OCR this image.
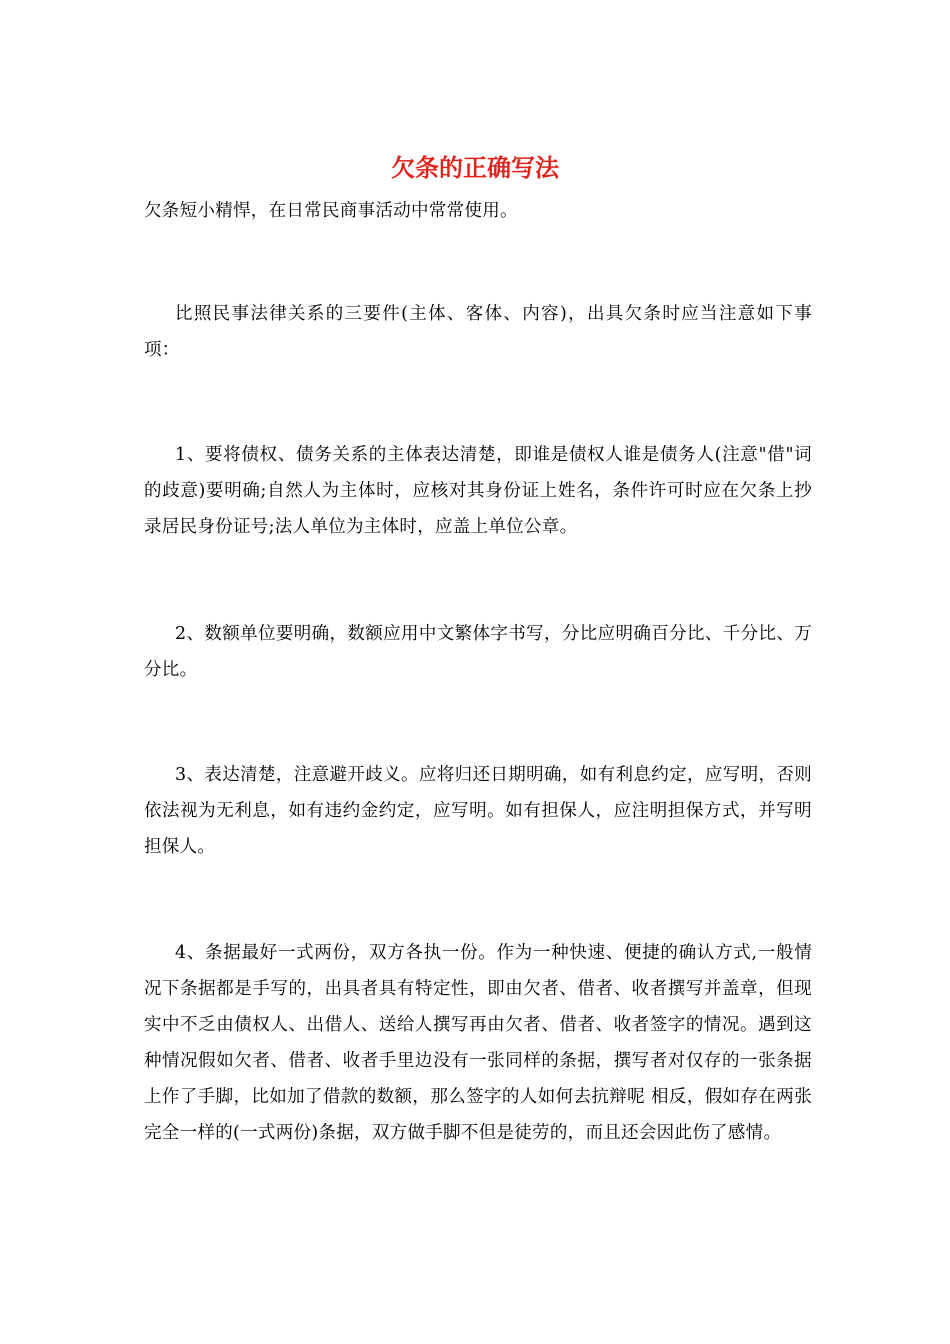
欠条的正确写法
欠条短小精悍，在日常民商事活动中常常使用。
比照民事法律关系的三要件(主体、客体、内容)，出具欠条时应当注意如下事项：
1、要将债权、债务关系的主体表达清楚，即谁是债权人谁是债务人(注意"借"词的歧意)要明确;自然人为主体时，应核对其身份证上姓名，条件许可时应在欠条上抄录居民身份证号;法人单位为主体时，应盖上单位公章。
2、数额单位要明确，数额应用中文繁体字书写，分比应明确百分比、千分比、万分比。
3、表达清楚，注意避开歧义。应将归还日期明确，如有利息约定，应写明，否则依法视为无利息，如有违约金约定，应写明。如有担保人，应注明担保方式，并写明担保人。
4、条据最好一式两份，双方各执一份。作为一种快速、便捷的确认方式,一般情况下条据都是手写的，出具者具有特定性，即由欠者、借者、收者撰写并盖章，但现实中不乏由债权人、出借人、送给人撰写再由欠者、借者、收者签字的情况。遇到这种情况假如欠者、借者、收者手里边没有一张同样的条据，撰写者对仅存的一张条据上作了手脚，比如加了借款的数额，那么签字的人如何去抗辩呢 相反，假如存在两张完全一样的(一式两份)条据，双方做手脚不但是徒劳的，而且还会因此伤了感情。
